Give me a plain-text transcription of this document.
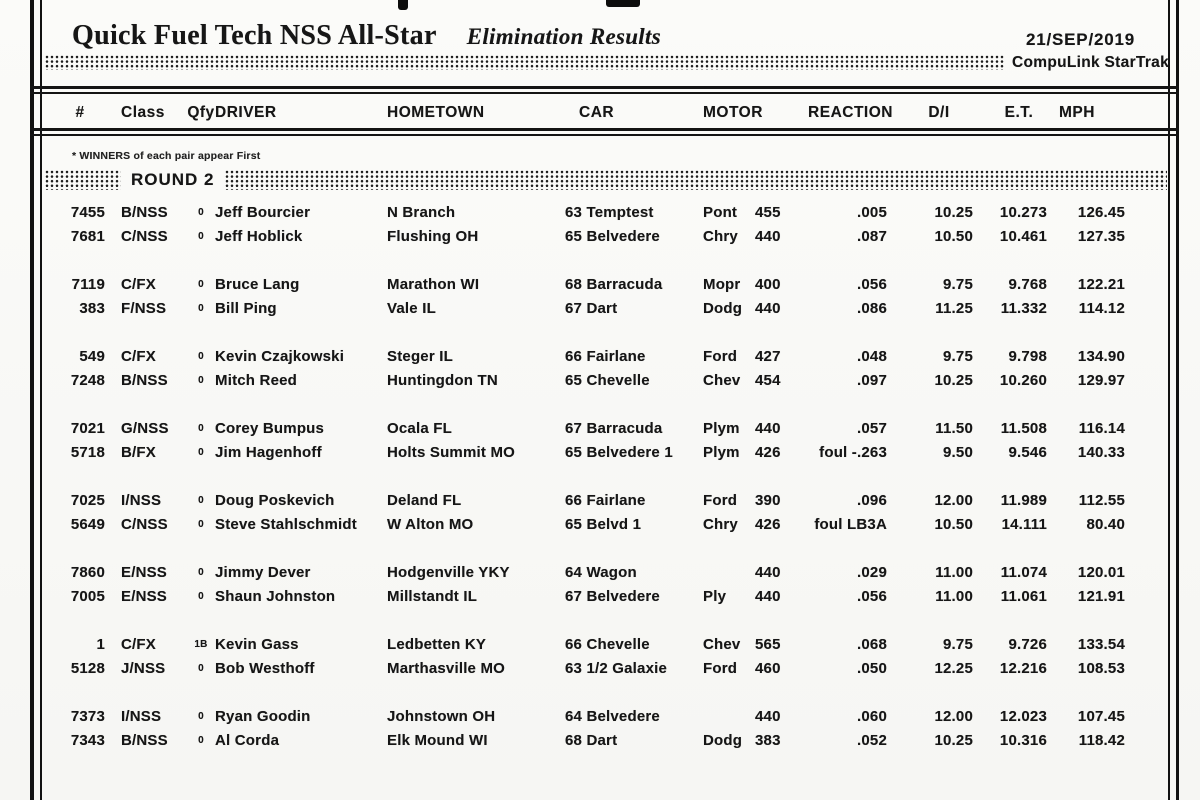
Quick Fuel Tech NSS All-Star Elimination Results	21/SEP/2019
CompuLink StarTrak
#	Class	Qfy DRIVER	HOMETOWN	CAR	MOTOR	REACTION	D/I	E.T.	MPH
* WINNERS of each pair appear First
ROUND 2
7455	B/NSS	0 Jeff Bourcier	N Branch	63 Temptest	Pont	455	.005	10.25	10.273	126.45
7681	C/NSS	0 Jeff Hoblick	Flushing OH	65 Belvedere	Chry	440	.087	10.50	10.461	127.35
7119	C/FX	0 Bruce Lang	Marathon WI	68 Barracuda	Mopr 400	.056	9.75	9.768	122.21
383	F/NSS	0 Bill Ping	Vale IL	67 Dart	Dodg 440	.086	11.25	11.332	114.12
549	C/FX	0 Kevin Czajkowski	Steger IL	66 Fairlane	Ford	427	.048	9.75	9.798	134.90
7248	B/NSS	0 Mitch Reed	Huntingdon TN	65 Chevelle	Chev 454	.097	10.25	10.260	129.97
7021	G/NSS	0 Corey Bumpus	Ocala FL	67 Barracuda	Plym	440	.057	11.50	11.508	116.14
5718	B/FX	0 Jim Hagenhoff	Holts Summit MO	65 Belvedere 1	Plym	426	foul -.263	9.50	9.546	140.33
7025	I/NSS	0 Doug Poskevich	Deland FL	66 Fairlane	Ford	390	.096	12.00	11.989	112.55
5649	C/NSS	0 Steve Stahlschmidt	W Alton MO	65 Belvd 1	Chry	426	foul LB3A	10.50	14.111	80.40
7860	E/NSS	0 Jimmy Dever	Hodgenville YKY	64 Wagon	440	.029	11.00	11.074	120.01
7005	E/NSS	0 Shaun Johnston	Millstandt IL	67 Belvedere	Ply	440	.056	11.00	11.061	121.91
1	C/FX	1B Kevin Gass	Ledbetten KY	66 Chevelle	Chev 565	.068	9.75	9.726	133.54
5128	J/NSS	0 Bob Westhoff	Marthasville MO	63 1/2 Galaxie	Ford	460	.050	12.25	12.216	108.53
7373	I/NSS	0 Ryan Goodin	Johnstown OH	64 Belvedere	440	.060	12.00	12.023	107.45
7343	B/NSS	0 Al Corda	Elk Mound WI	68 Dart	Dodg 383	.052	10.25	10.316	118.42
